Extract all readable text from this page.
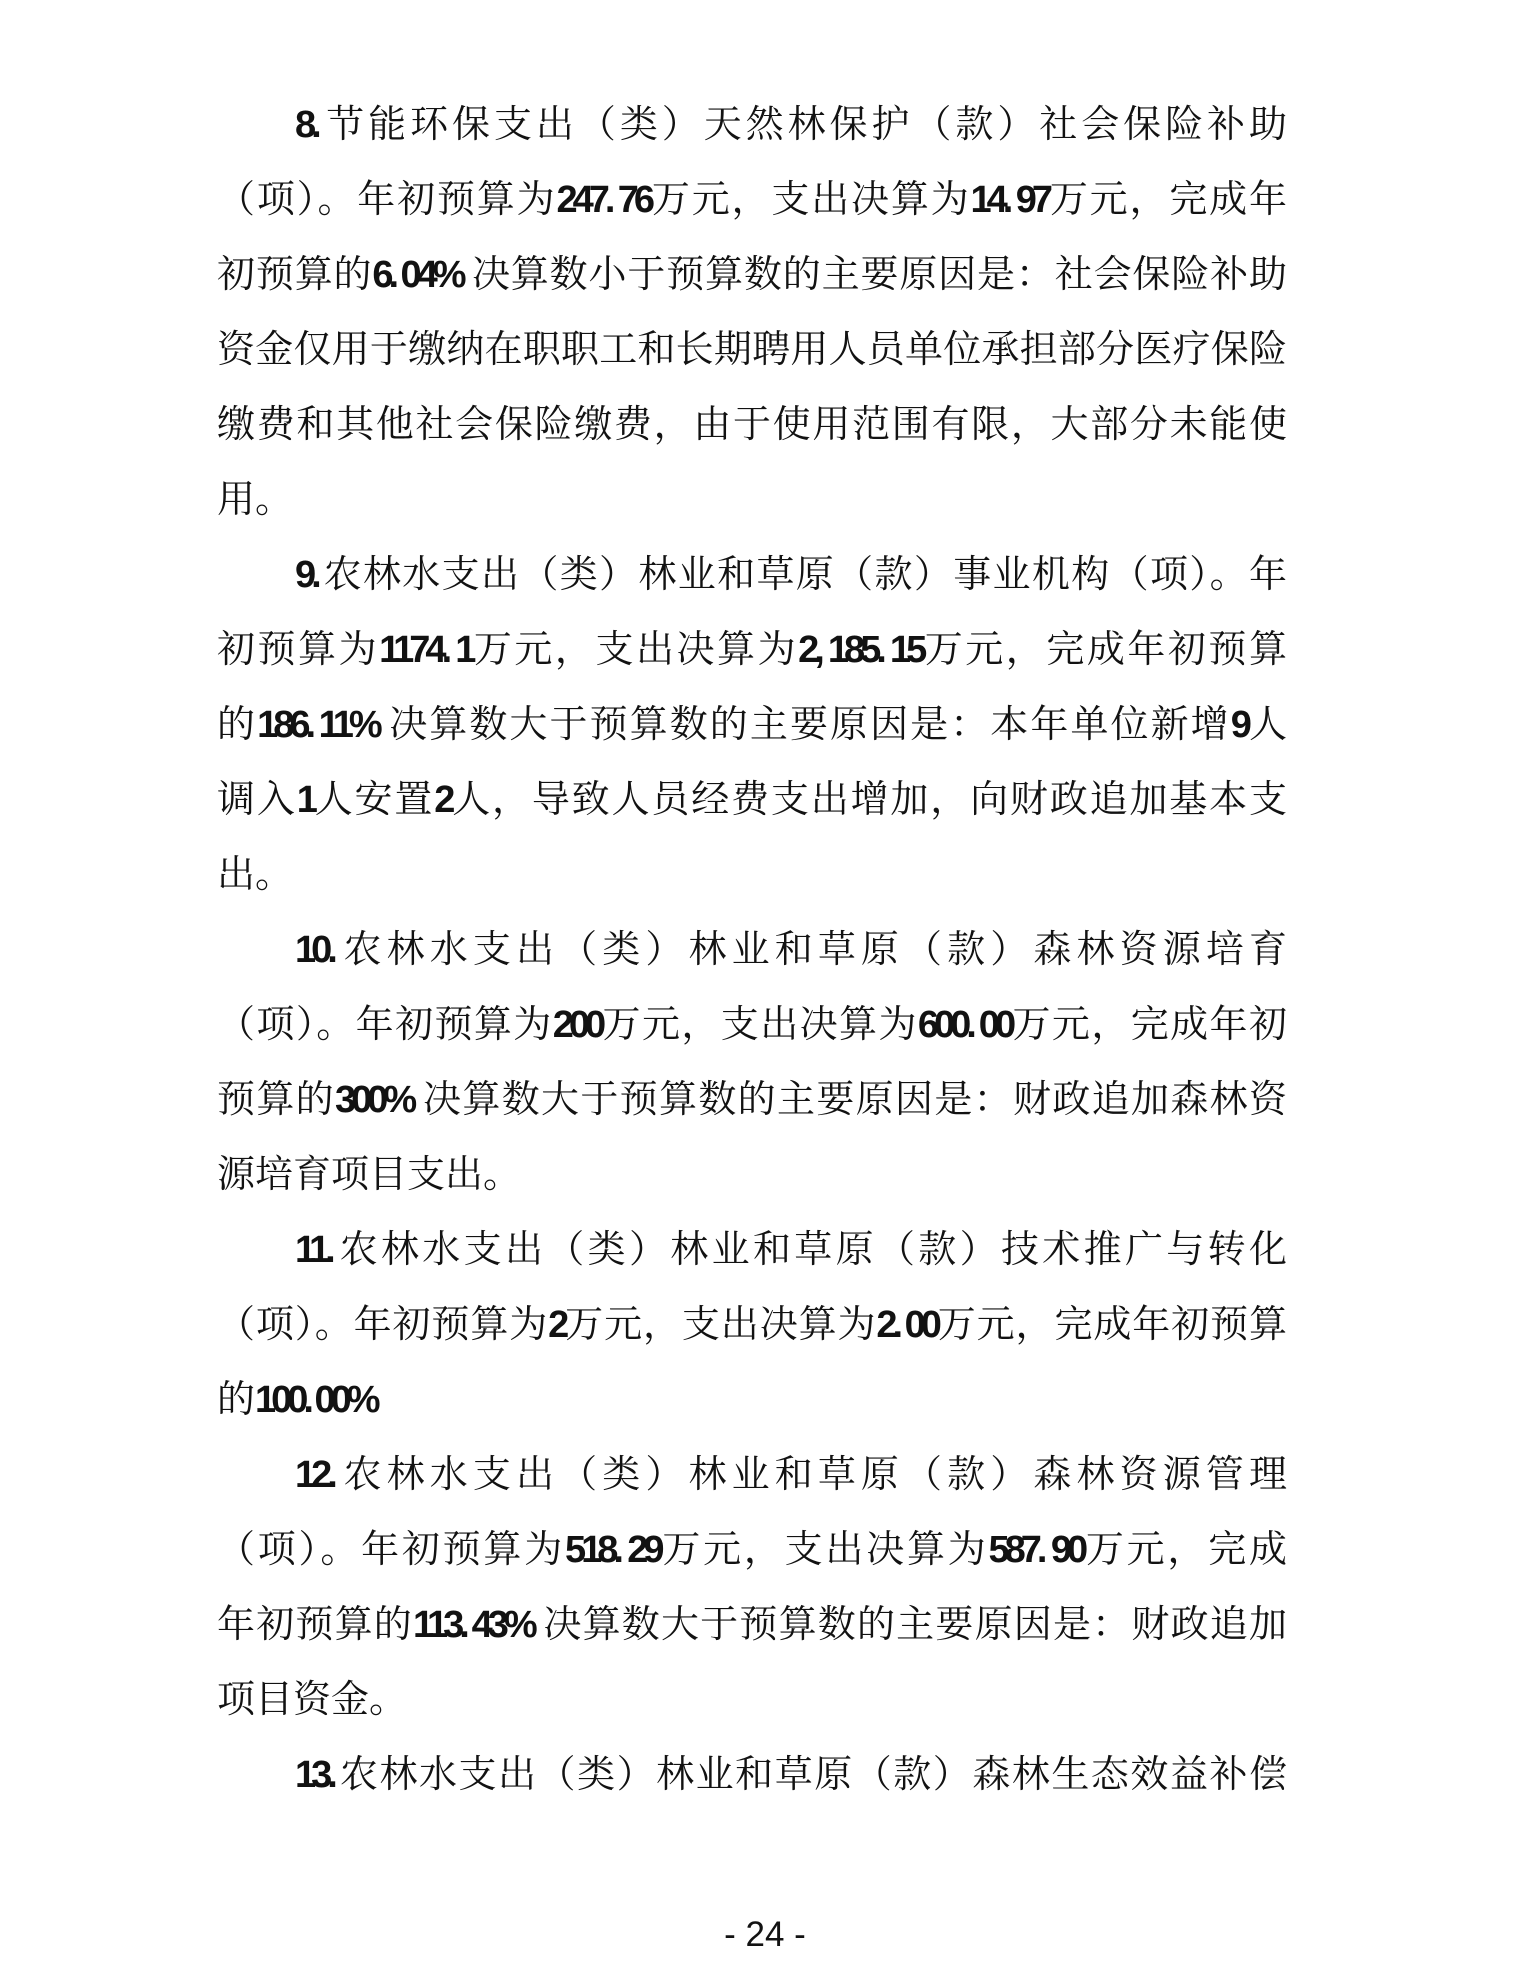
8. 节能环保支出（类）天然林保护（款）社会保险补助
（项）。年初预算为247. 76万元，支出决算为14. 97万元，完成年
初预算的6. 04% 决算数小于预算数的主要原因是：社会保险补助
资金仅用于缴纳在职职工和长期聘用人员单位承担部分医疗保险
缴费和其他社会保险缴费，由于使用范围有限，大部分未能使
用。
9. 农林水支出（类）林业和草原（款）事业机构（项）。年
初预算为1174. 1万元，支出决算为2, 185. 15万元，完成年初预算
的186. 11% 决算数大于预算数的主要原因是：本年单位新增9人
调入1人安置2人，导致人员经费支出增加，向财政追加基本支
出。
10. 农林水支出（类）林业和草原（款）森林资源培育
（项）。年初预算为200万元，支出决算为600. 00万元，完成年初
预算的300% 决算数大于预算数的主要原因是：财政追加森林资
源培育项目支出。
11. 农林水支出（类）林业和草原（款）技术推广与转化
（项）。年初预算为2万元，支出决算为2. 00万元，完成年初预算
的100. 00%
12. 农林水支出（类）林业和草原（款）森林资源管理
（项）。年初预算为518. 29万元，支出决算为587. 90万元，完成
年初预算的113. 43% 决算数大于预算数的主要原因是：财政追加
项目资金。
13. 农林水支出（类）林业和草原（款）森林生态效益补偿
- 24 -
